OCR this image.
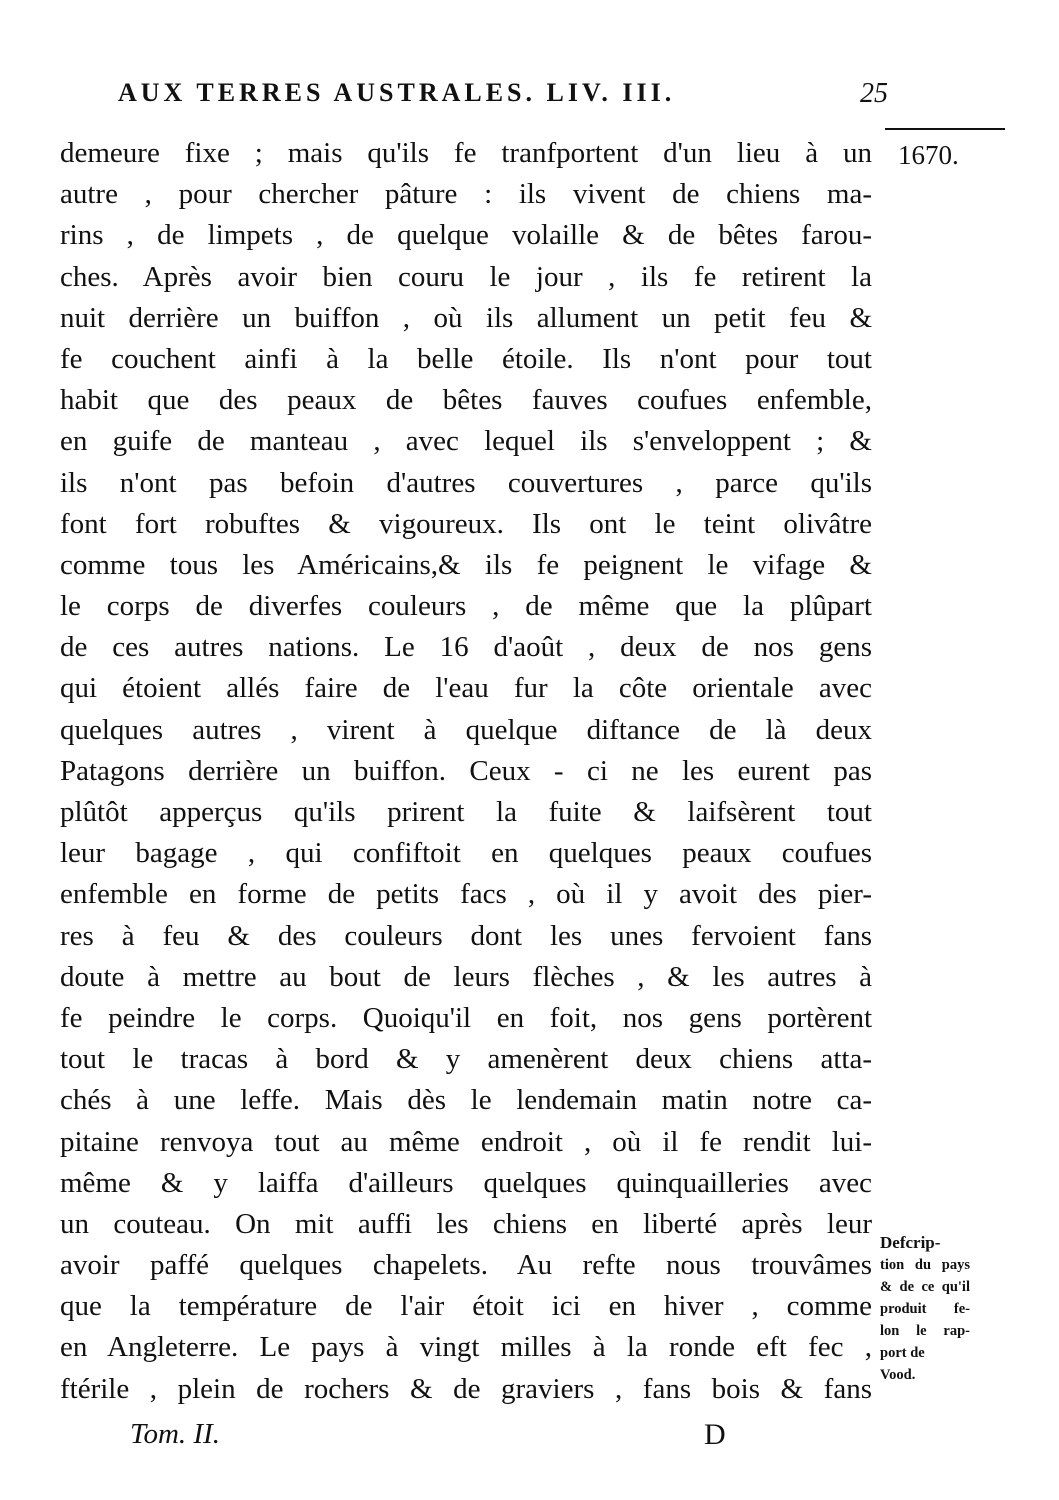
AUX TERRES AUSTRALES. LIV. III.	25
1670.
demeure fixe ; mais qu'ils fe tranfportent d'un lieu à un
autre , pour chercher pâture : ils vivent de chiens ma-
rins , de limpets , de quelque volaille & de bêtes farou-
ches. Après avoir bien couru le jour , ils fe retirent la
nuit derrière un buiffon , où ils allument un petit feu &
fe couchent ainfi à la belle étoile. Ils n'ont pour tout
habit que des peaux de bêtes fauves coufues enfemble,
en guife de manteau , avec lequel ils s'enveloppent ; &
ils n'ont pas befoin d'autres couvertures , parce qu'ils
font fort robuftes & vigoureux. Ils ont le teint olivâtre
comme tous les Américains,& ils fe peignent le vifage &
le corps de diverfes couleurs , de même que la plûpart
de ces autres nations. Le 16 d'août , deux de nos gens
qui étoient allés faire de l'eau fur la côte orientale avec
quelques autres , virent à quelque diftance de là deux
Patagons derrière un buiffon. Ceux - ci ne les eurent pas
plûtôt apperçus qu'ils prirent la fuite & laifsèrent tout
leur bagage , qui confiftoit en quelques peaux coufues
enfemble en forme de petits facs , où il y avoit des pier-
res à feu & des couleurs dont les unes fervoient fans
doute à mettre au bout de leurs flèches , & les autres à
fe peindre le corps. Quoiqu'il en foit, nos gens portèrent
tout le tracas à bord & y amenèrent deux chiens atta-
chés à une leffe. Mais dès le lendemain matin notre ca-
pitaine renvoya tout au même endroit , où il fe rendit lui-
même & y laiffa d'ailleurs quelques quinquailleries avec
un couteau. On mit auffi les chiens en liberté après leur
avoir paffé quelques chapelets. Au refte nous trouvâmes
que la température de l'air étoit ici en hiver , comme
en Angleterre. Le pays à vingt milles à la ronde eft fec ,
ftérile , plein de rochers & de graviers , fans bois & fans
Defcrip-
tion du pays
& de ce qu'il
produit fe-
lon le rap-
port de
Vood.
Tom. II.	D
